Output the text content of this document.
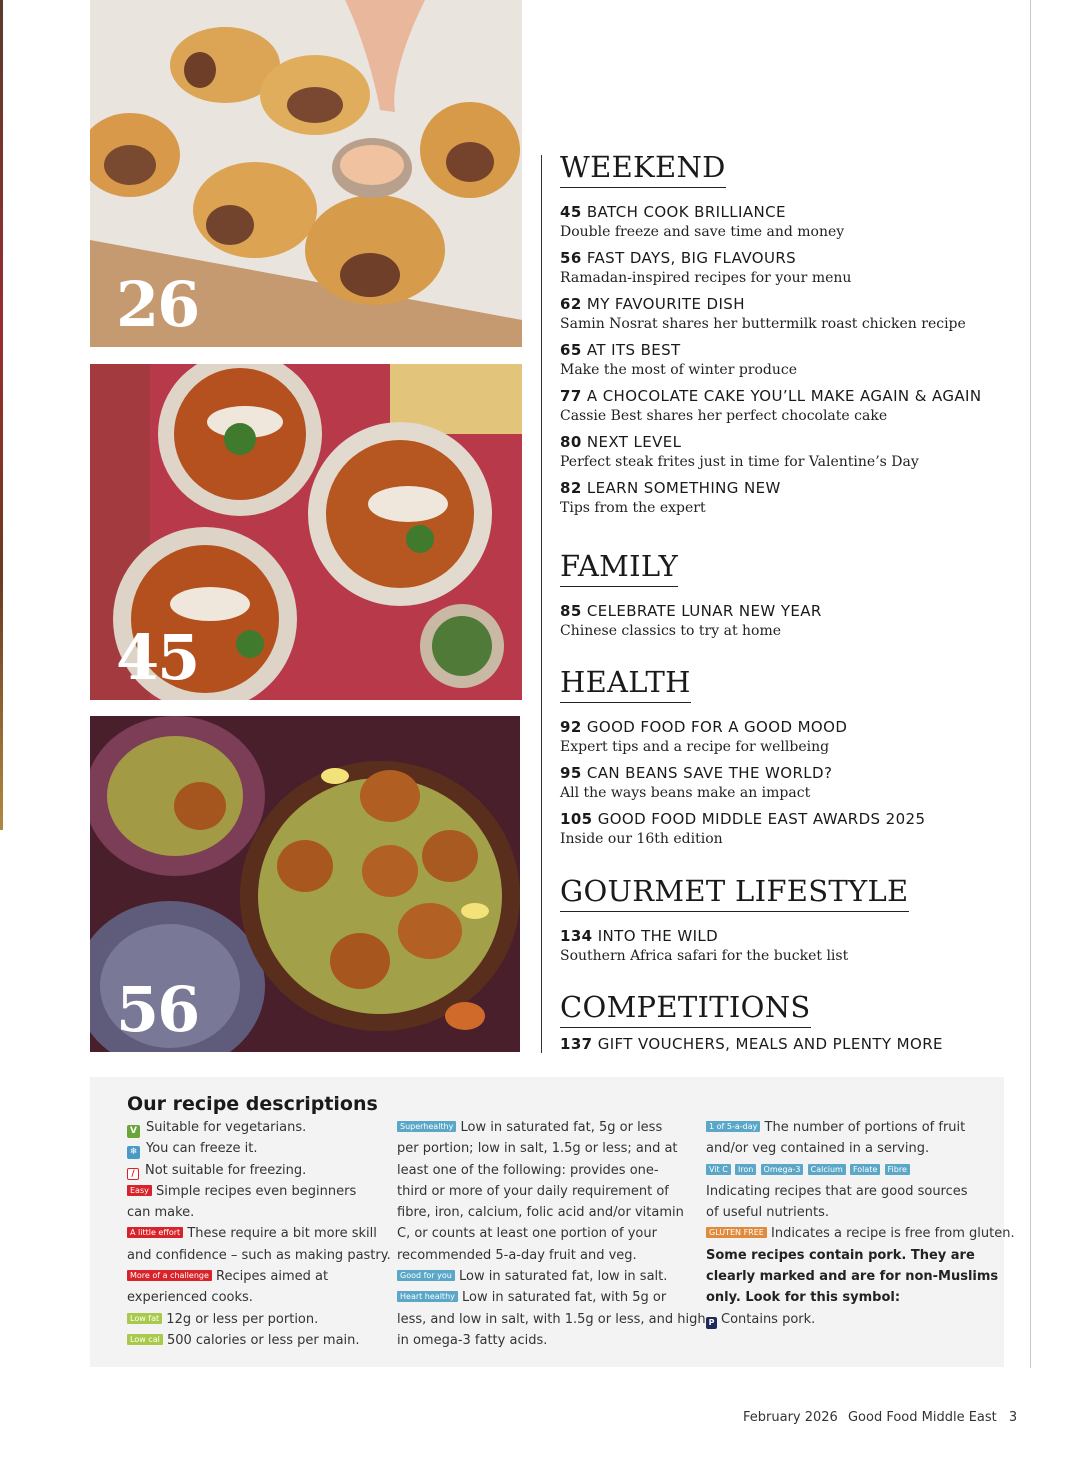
26
45
56
WEEKEND
45 BATCH COOK BRILLIANCE
Double freeze and save time and money
56 FAST DAYS, BIG FLAVOURS
Ramadan-inspired recipes for your menu
62 MY FAVOURITE DISH
Samin Nosrat shares her buttermilk roast chicken recipe
65 AT ITS BEST
Make the most of winter produce
77 A CHOCOLATE CAKE YOU’LL MAKE AGAIN & AGAIN
Cassie Best shares her perfect chocolate cake
80 NEXT LEVEL
Perfect steak frites just in time for Valentine’s Day
82 LEARN SOMETHING NEW
Tips from the expert
FAMILY
85 CELEBRATE LUNAR NEW YEAR
Chinese classics to try at home
HEALTH
92 GOOD FOOD FOR A GOOD MOOD
Expert tips and a recipe for wellbeing
95 CAN BEANS SAVE THE WORLD?
All the ways beans make an impact
105 GOOD FOOD MIDDLE EAST AWARDS 2025
Inside our 16th edition
GOURMET LIFESTYLE
134 INTO THE WILD
Southern Africa safari for the bucket list
COMPETITIONS
137 GIFT VOUCHERS, MEALS AND PLENTY MORE
Our recipe descriptions
V Suitable for vegetarians.
❄ You can freeze it.
/ Not suitable for freezing.
Easy Simple recipes even beginners
can make.
A little effort These require a bit more skill
and confidence – such as making pastry.
More of a challenge Recipes aimed at
experienced cooks.
Low fat 12g or less per portion.
Low cal 500 calories or less per main.
Superhealthy Low in saturated fat, 5g or less
per portion; low in salt, 1.5g or less; and at
least one of the following: provides one-
third or more of your daily requirement of
fibre, iron, calcium, folic acid and/or vitamin
C, or counts at least one portion of your
recommended 5-a-day fruit and veg.
Good for you Low in saturated fat, low in salt.
Heart healthy Low in saturated fat, with 5g or
less, and low in salt, with 1.5g or less, and high
in omega-3 fatty acids.
1 of 5-a-day The number of portions of fruit
and/or veg contained in a serving.
Vit C Iron Omega-3 Calcium Folate Fibre
Indicating recipes that are good sources
of useful nutrients.
GLUTEN FREE Indicates a recipe is free from gluten.
Some recipes contain pork. They are
clearly marked and are for non-Muslims
only. Look for this symbol:
P Contains pork.
February 2026 Good Food Middle East 3
